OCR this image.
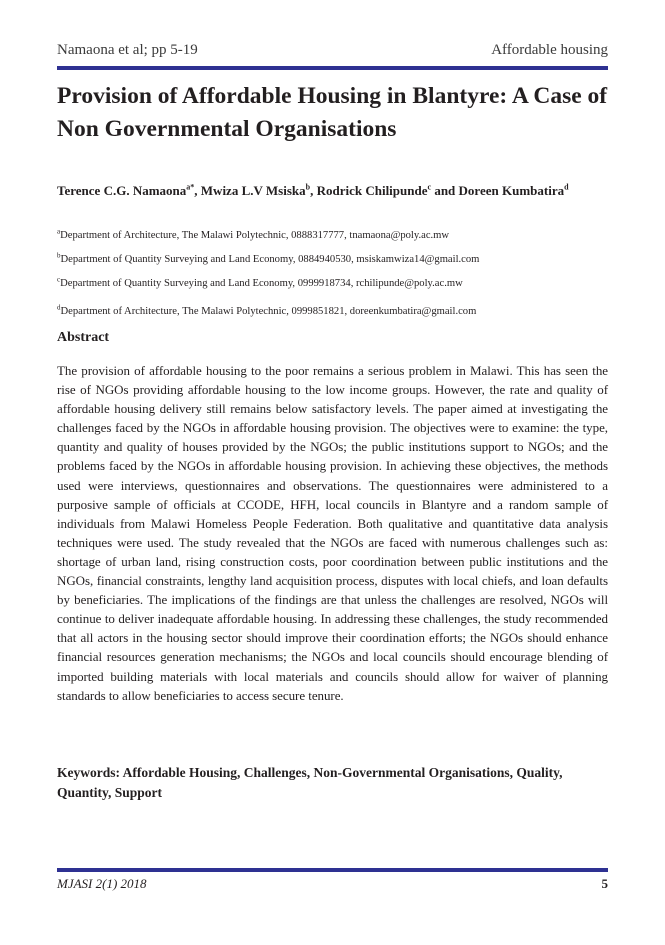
Namaona et al; pp 5-19	Affordable housing
Provision of Affordable Housing in Blantyre: A Case of Non Governmental Organisations
Terence C.G. Namaona$^{a*}$, Mwiza L.V Msiska$^b$, Rodrick Chilipunde$^c$ and Doreen Kumbatira$^d$
$^a$Department of Architecture, The Malawi Polytechnic, 0888317777, tnamaona@poly.ac.mw
$^b$Department of Quantity Surveying and Land Economy, 0884940530, msiskamwiza14@gmail.com
$^c$Department of Quantity Surveying and Land Economy, 0999918734, rchilipunde@poly.ac.mw
$^d$Department of Architecture, The Malawi Polytechnic, 0999851821, doreenkumbatira@gmail.com
Abstract

The provision of affordable housing to the poor remains a serious problem in Malawi. This has seen the rise of NGOs providing affordable housing to the low income groups. However, the rate and quality of affordable housing delivery still remains below satisfactory levels. The paper aimed at investigating the challenges faced by the NGOs in affordable housing provision. The objectives were to examine: the type, quantity and quality of houses provided by the NGOs; the public institutions support to NGOs; and the problems faced by the NGOs in affordable housing provision. In achieving these objectives, the methods used were interviews, questionnaires and observations. The questionnaires were administered to a purposive sample of officials at CCODE, HFH, local councils in Blantyre and a random sample of individuals from Malawi Homeless People Federation. Both qualitative and quantitative data analysis techniques were used. The study revealed that the NGOs are faced with numerous challenges such as: shortage of urban land, rising construction costs, poor coordination between public institutions and the NGOs, financial constraints, lengthy land acquisition process, disputes with local chiefs, and loan defaults by beneficiaries. The implications of the findings are that unless the challenges are resolved, NGOs will continue to deliver inadequate affordable housing. In addressing these challenges, the study recommended that all actors in the housing sector should improve their coordination efforts; the NGOs should enhance financial resources generation mechanisms; the NGOs and local councils should encourage blending of imported building materials with local materials and councils should allow for waiver of planning standards to allow beneficiaries to access secure tenure.

Keywords: Affordable Housing, Challenges, Non-Governmental Organisations, Quality, Quantity, Support
MJASI 2(1) 2018	5
